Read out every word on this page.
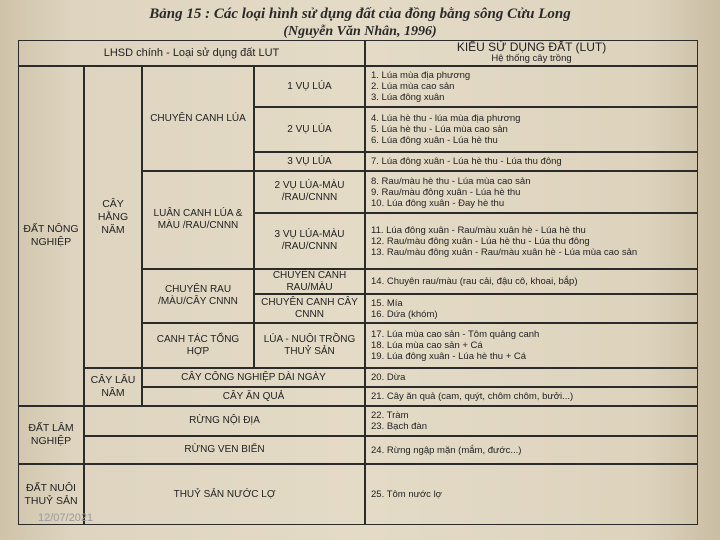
Bảng 15 : Các loại hình sử dụng đất của đồng bằng sông Cửu Long
(Nguyễn Văn Nhân, 1996)
LHSD chính - Loại sử dụng đất LUT	KIỂU SỬ DỤNG ĐẤT (LUT)
Hệ thống cây trồng
ĐẤT NÔNG NGHIỆP
ĐẤT LÂM NGHIỆP
ĐẤT NUÔI THUỶ SẢN
CÂY HẰNG NĂM
CÂY LÂU NĂM
CHUYÊN CANH LÚA
LUÂN CANH LÚA & MÀU /RAU/CNNN
CHUYÊN RAU /MÀU/CÂY CNNN
CANH TÁC TỔNG HỢP
CÂY CÔNG NGHIỆP DÀI NGÀY
CÂY ĂN QUẢ
RỪNG NỘI ĐỊA
RỪNG VEN BIỂN
THUỶ SẢN NƯỚC LỢ
1 VỤ LÚA
2 VỤ LÚA
3 VỤ LÚA
2 VỤ LÚA-MÀU /RAU/CNNN
3 VỤ LÚA-MÀU /RAU/CNNN
CHUYÊN CANH RAU/MÀU
CHUYÊN CANH CÂY CNNN
LÚA - NUÔI TRỒNG THUỶ SẢN
1. Lúa mùa địa phương
2. Lúa mùa cao sản
3. Lúa đông xuân
4. Lúa hè thu - lúa mùa địa phương
5. Lúa hè thu - Lúa mùa cao sản
6. Lúa đông xuân - Lúa hè thu
7. Lúa đông xuân - Lúa hè thu - Lúa thu đông
8. Rau/màu hè thu - Lúa mùa cao sản
9. Rau/màu đông xuân - Lúa hè thu
10. Lúa đông xuân - Đay hè thu
11. Lúa đông xuân - Rau/màu xuân hè - Lúa hè thu
12. Rau/màu đông xuân - Lúa hè thu - Lúa thu đông
13. Rau/màu đông xuân - Rau/màu xuân hè - Lúa mùa cao sản
14. Chuyên rau/màu (rau cải, đậu cô, khoai, bắp)
15. Mía
16. Dứa (khóm)
17. Lúa mùa cao sản - Tôm quảng canh
18. Lúa mùa cao sản + Cá
19. Lúa đông xuân - Lúa hè thu + Cá
20. Dừa
21. Cây ăn quả (cam, quýt, chôm chôm, bưởi...)
22. Tràm
23. Bạch đàn
24. Rừng ngập mặn (mắm, đước...)
25. Tôm nước lợ
12/07/2021
